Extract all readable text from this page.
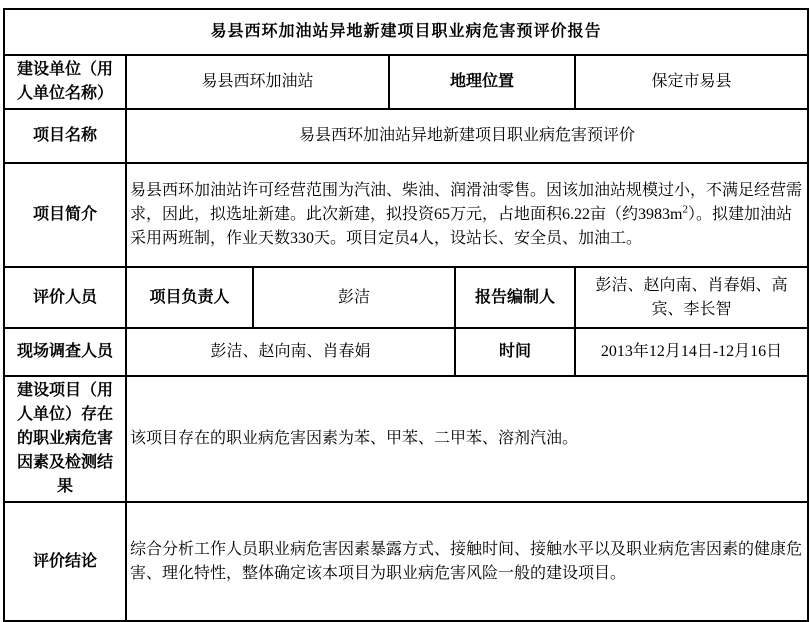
易县西环加油站异地新建项目职业病危害预评价报告					
建设单位（用人单位名称）	易县西环加油站		地理位置		保定市易县
项目名称	易县西环加油站异地新建项目职业病危害预评价				
项目简介	易县西环加油站许可经营范围为汽油、柴油、润滑油零售。因该加油站规模过小，不满足经营需求，因此，拟选址新建。此次新建，拟投资65万元，占地面积6.22亩（约$3983m^2$）。拟建加油站采用两班制，作业天数330天。项目定员4人，设站长、安全员、加油工。				
评价人员	项目负责人	彭洁		报告编制人	彭洁、赵向南、肖春娟、高宾、李长智
现场调查人员	彭洁、赵向南、肖春娟			时间	2013年12月14日-12月16日
建设项目（用人单位）存在的职业病危害因素及检测结果	该项目存在的职业病危害因素为苯、甲苯、二甲苯、溶剂汽油。				
评价结论	综合分析工作人员职业病危害因素暴露方式、接触时间、接触水平以及职业病危害因素的健康危害、理化特性，整体确定该本项目为职业病危害风险一般的建设项目。				
